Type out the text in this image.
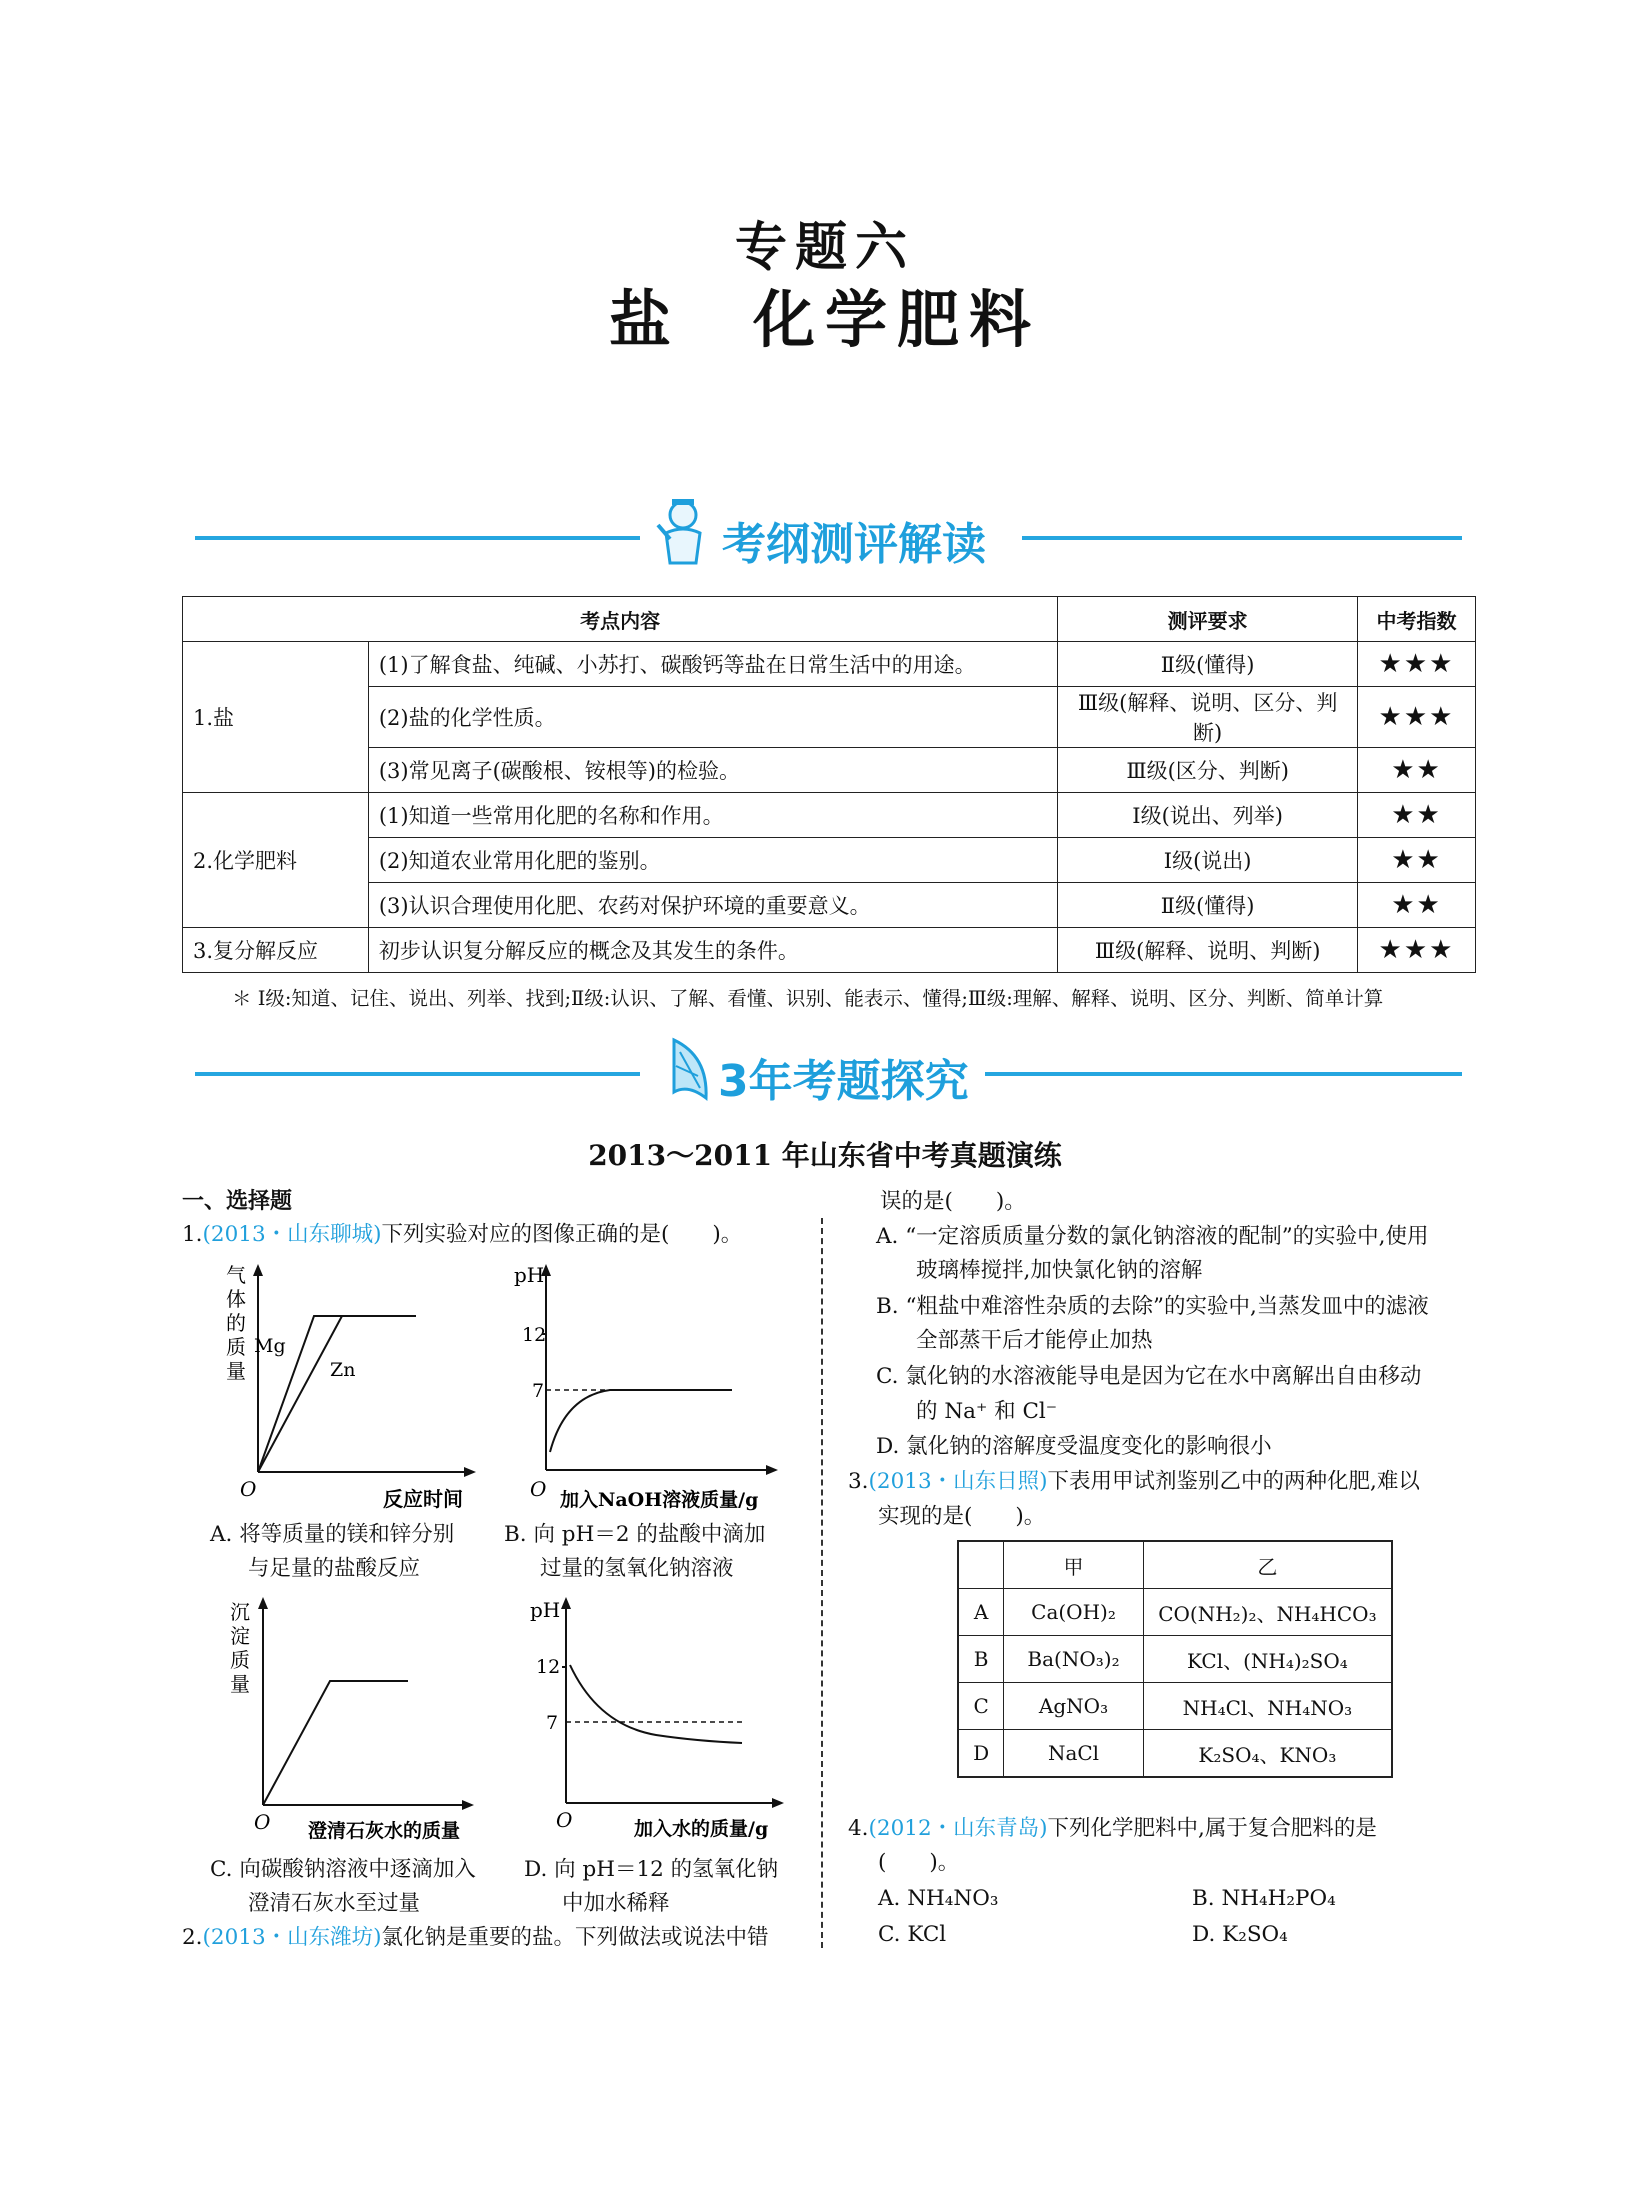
专题六
盐　化学肥料
考纲测评解读
考点内容		测评要求	中考指数
1.盐	(1)了解食盐、纯碱、小苏打、碳酸钙等盐在日常生活中的用途。	Ⅱ级(懂得)	★★★
	(2)盐的化学性质。	Ⅲ级(解释、说明、区分、判断)	★★★
	(3)常见离子(碳酸根、铵根等)的检验。	Ⅲ级(区分、判断)	★★
2.化学肥料	(1)知道一些常用化肥的名称和作用。	Ⅰ级(说出、列举)	★★
	(2)知道农业常用化肥的鉴别。	Ⅰ级(说出)	★★
	(3)认识合理使用化肥、农药对保护环境的重要意义。	Ⅱ级(懂得)	★★
3.复分解反应	初步认识复分解反应的概念及其发生的条件。	Ⅲ级(解释、说明、判断)	★★★
＊ Ⅰ级:知道、记住、说出、列举、找到;Ⅱ级:认识、了解、看懂、识别、能表示、懂得;Ⅲ级:理解、解释、说明、区分、判断、简单计算
3年考题探究
2013～2011 年山东省中考真题演练
一、选择题
1.(2013・山东聊城)下列实验对应的图像正确的是(　　)。
气体的质量
Mg
Zn
O	反应时间
pH
12
7
O 加入NaOH溶液质量/g
A. 将等质量的镁和锌分别
与足量的盐酸反应
B. 向 pH＝2 的盐酸中滴加
过量的氢氧化钠溶液
沉淀质量
O 澄清石灰水的质量
pH
12
7
O	加入水的质量/g
C. 向碳酸钠溶液中逐滴加入
澄清石灰水至过量
D. 向 pH＝12 的氢氧化钠
中加水稀释
2.(2013・山东潍坊)氯化钠是重要的盐。下列做法或说法中错
误的是(　　)。
A. “一定溶质质量分数的氯化钠溶液的配制”的实验中,使用
玻璃棒搅拌,加快氯化钠的溶解
B. “粗盐中难溶性杂质的去除”的实验中,当蒸发皿中的滤液
全部蒸干后才能停止加热
C. 氯化钠的水溶液能导电是因为它在水中离解出自由移动
的 Na⁺ 和 Cl⁻
D. 氯化钠的溶解度受温度变化的影响很小
3.(2013・山东日照)下表用甲试剂鉴别乙中的两种化肥,难以
实现的是(　　)。
	甲	乙
A	Ca(OH)₂	CO(NH₂)₂、NH₄HCO₃
B	Ba(NO₃)₂	KCl、(NH₄)₂SO₄
C	AgNO₃	NH₄Cl、NH₄NO₃
D	NaCl	K₂SO₄、KNO₃
4.(2012・山东青岛)下列化学肥料中,属于复合肥料的是
(　　)。
A. NH₄NO₃	B. NH₄H₂PO₄
C. KCl	D. K₂SO₄
